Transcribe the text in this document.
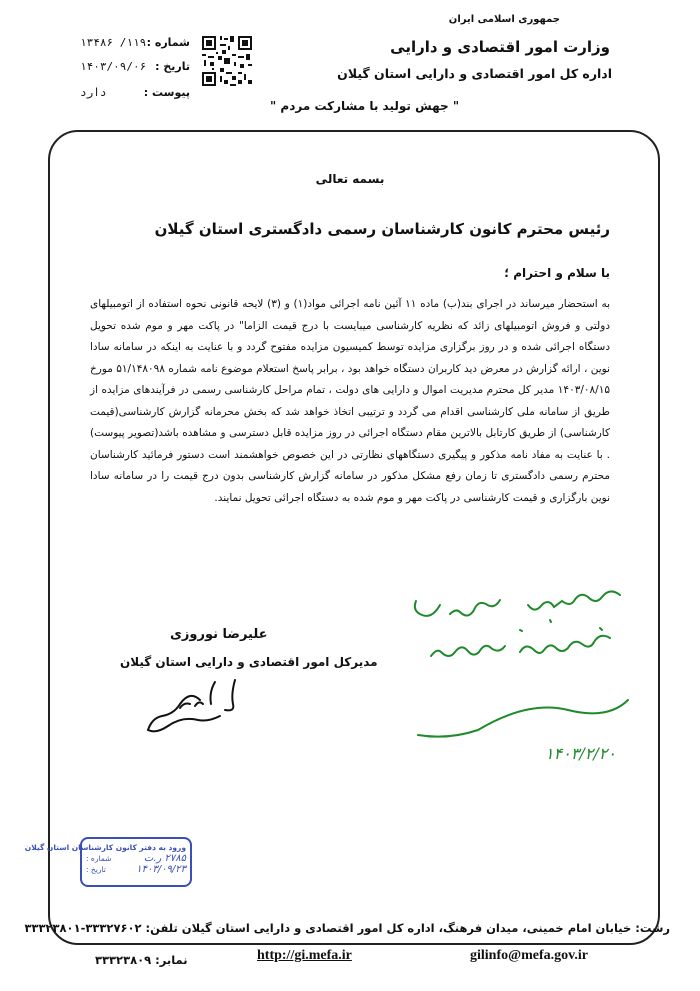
جمهوری اسلامی ایران
وزارت امور اقتصادی و دارایی
اداره کل امور اقتصادی و دارایی استان گیلان
شماره :
۱۱۹/ ۱۳۴۸۶
تاریخ :
۱۴۰۳/۰۹/۰۶
پیوست :
دارد
" جهش تولید با مشارکت مردم "
بسمه تعالی
رئیس محترم کانون کارشناسان رسمی دادگستری استان گیلان
با سلام و احترام ؛
به استحضار میرساند در اجرای بند(ب) ماده ۱۱ آئین نامه اجرائی مواد(۱) و (۳) لایحه قانونی نحوه استفاده از اتومبیلهای دولتی و فروش اتومبیلهای زائد که نظریه کارشناسی میبایست با درج قیمت الزاما" در پاکت مهر و موم شده تحویل دستگاه اجرائی شده و در روز برگزاری مزایده توسط کمیسیون مزایده مفتوح گردد و با عنایت به اینکه در سامانه سادا نوین ، ارائه گزارش در معرض دید کاربران دستگاه خواهد بود ، برابر پاسخ استعلام موضوع نامه شماره ۵۱/۱۴۸۰۹۸ مورخ ۱۴۰۳/۰۸/۱۵ مدیر کل محترم مدیریت اموال و دارایی های دولت ، تمام مراحل کارشناسی رسمی در فرآیندهای مزایده از طریق از سامانه ملی کارشناسی اقدام می گردد و ترتیبی اتخاذ خواهد شد که بخش محرمانه گزارش کارشناسی(قیمت کارشناسی) از طریق کارتابل بالاترین مقام دستگاه اجرائی در روز مزایده قابل دسترسی و مشاهده باشد(تصویر پیوست) . با عنایت به مفاد نامه مذکور و پیگیری دستگاههای نظارتی در این خصوص خواهشمند است دستور فرمائید کارشناسان محترم رسمی دادگستری تا زمان رفع مشکل مذکور در سامانه گزارش کارشناسی بدون درج قیمت را در سامانه سادا نوین بارگزاری و قیمت کارشناسی در پاکت مهر و موم شده به دستگاه اجرائی تحویل نمایند.
۱۴۰۳/۲/۲۰
علیرضا نوروزی
مدیرکل امور اقتصادی و دارایی استان گیلان
ورود به دفتر کانون کارشناسان استان گیلان
شماره :	۲۷۸۵ ر.ت
تاریخ :	۱۴۰۳/۰۹/۲۳
رشت: خیابان امام خمینی، میدان فرهنگ، اداره کل امور اقتصادی و دارایی استان گیلان تلفن: ۳۳۳۲۷۶۰۲-۳۳۳۲۳۸۰۱
نمابر: ۳۳۳۲۳۸۰۹	http://gi.mefa.ir	gilinfo@mefa.gov.ir
